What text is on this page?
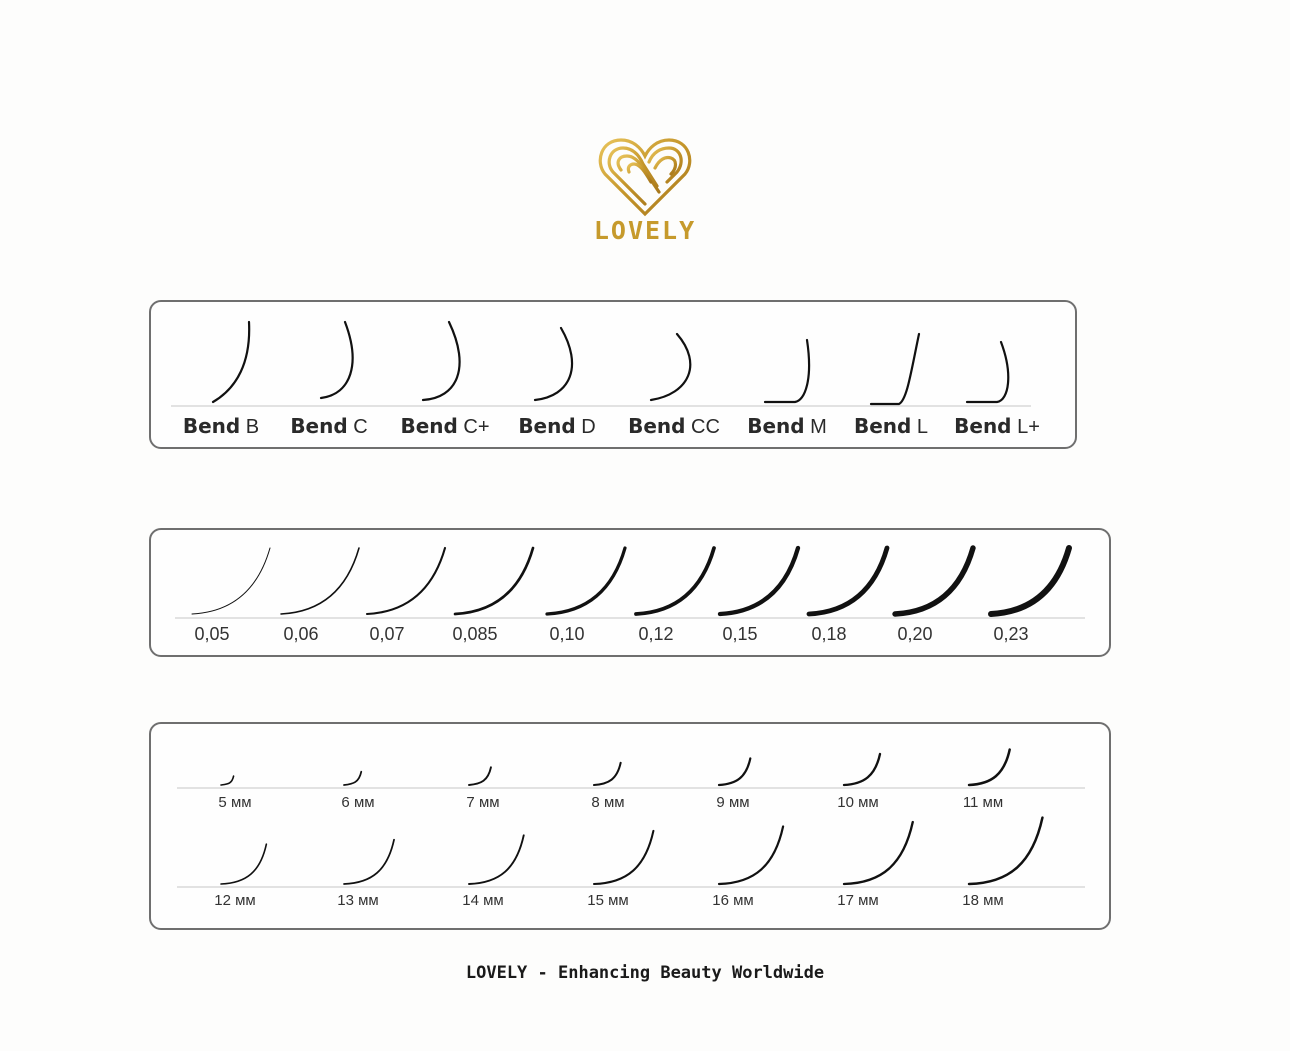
LOVELY
Bend B Bend C Bend C+ Bend D Bend CC Bend M Bend L Bend L+
0,05	0,06	0,07	0,085	0,10	0,12	0,15	0,18	0,20	0,23
5 мм	6 мм	7 мм	8 мм	9 мм	10 мм	11 мм
12 мм	13 мм	14 мм	15 мм	16 мм	17 мм	18 мм
LOVELY - Enhancing Beauty Worldwide
